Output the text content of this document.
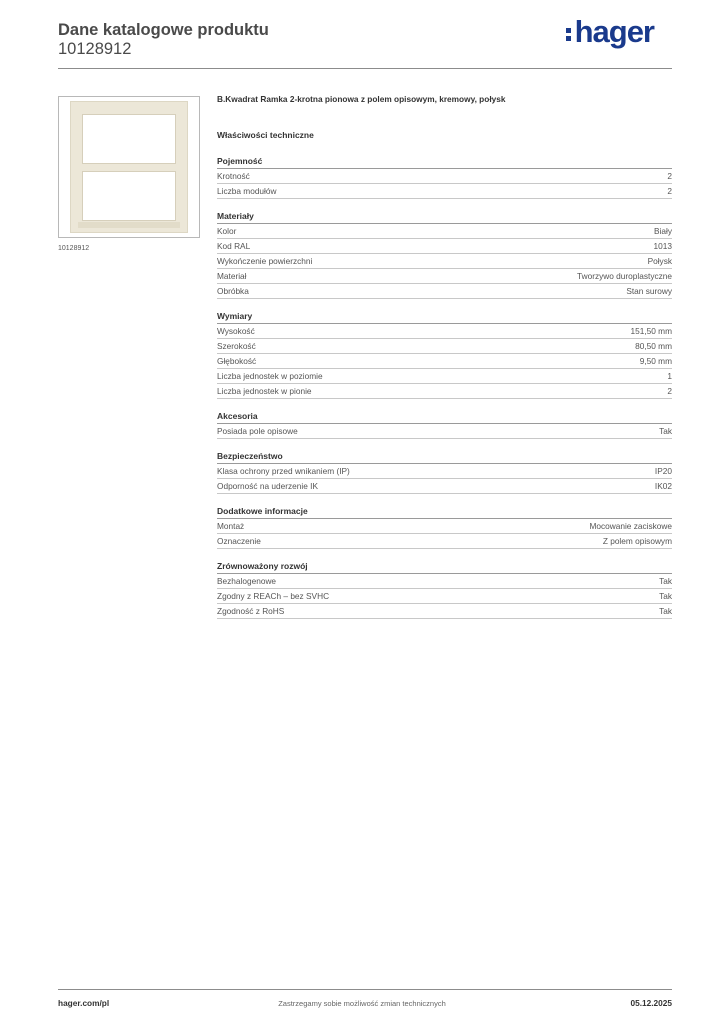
Dane katalogowe produktu
10128912	hager
10128912
B.Kwadrat Ramka 2-krotna pionowa z polem opisowym, kremowy, połysk
Właściwości techniczne
Pojemność
Krotność	2
Liczba modułów	2
Materiały
Kolor	Biały
Kod RAL	1013
Wykończenie powierzchni	Połysk
Materiał	Tworzywo duroplastyczne
Obróbka	Stan surowy
Wymiary
Wysokość	151,50 mm
Szerokość	80,50 mm
Głębokość	9,50 mm
Liczba jednostek w poziomie	1
Liczba jednostek w pionie	2
Akcesoria
Posiada pole opisowe	Tak
Bezpieczeństwo
Klasa ochrony przed wnikaniem (IP)	IP20
Odporność na uderzenie IK	IK02
Dodatkowe informacje
Montaż	Mocowanie zaciskowe
Oznaczenie	Z polem opisowym
Zrównoważony rozwój
Bezhalogenowe	Tak
Zgodny z REACh – bez SVHC	Tak
Zgodność z RoHS	Tak
hager.com/pl	Zastrzegamy sobie możliwość zmian technicznych	05.12.2025
